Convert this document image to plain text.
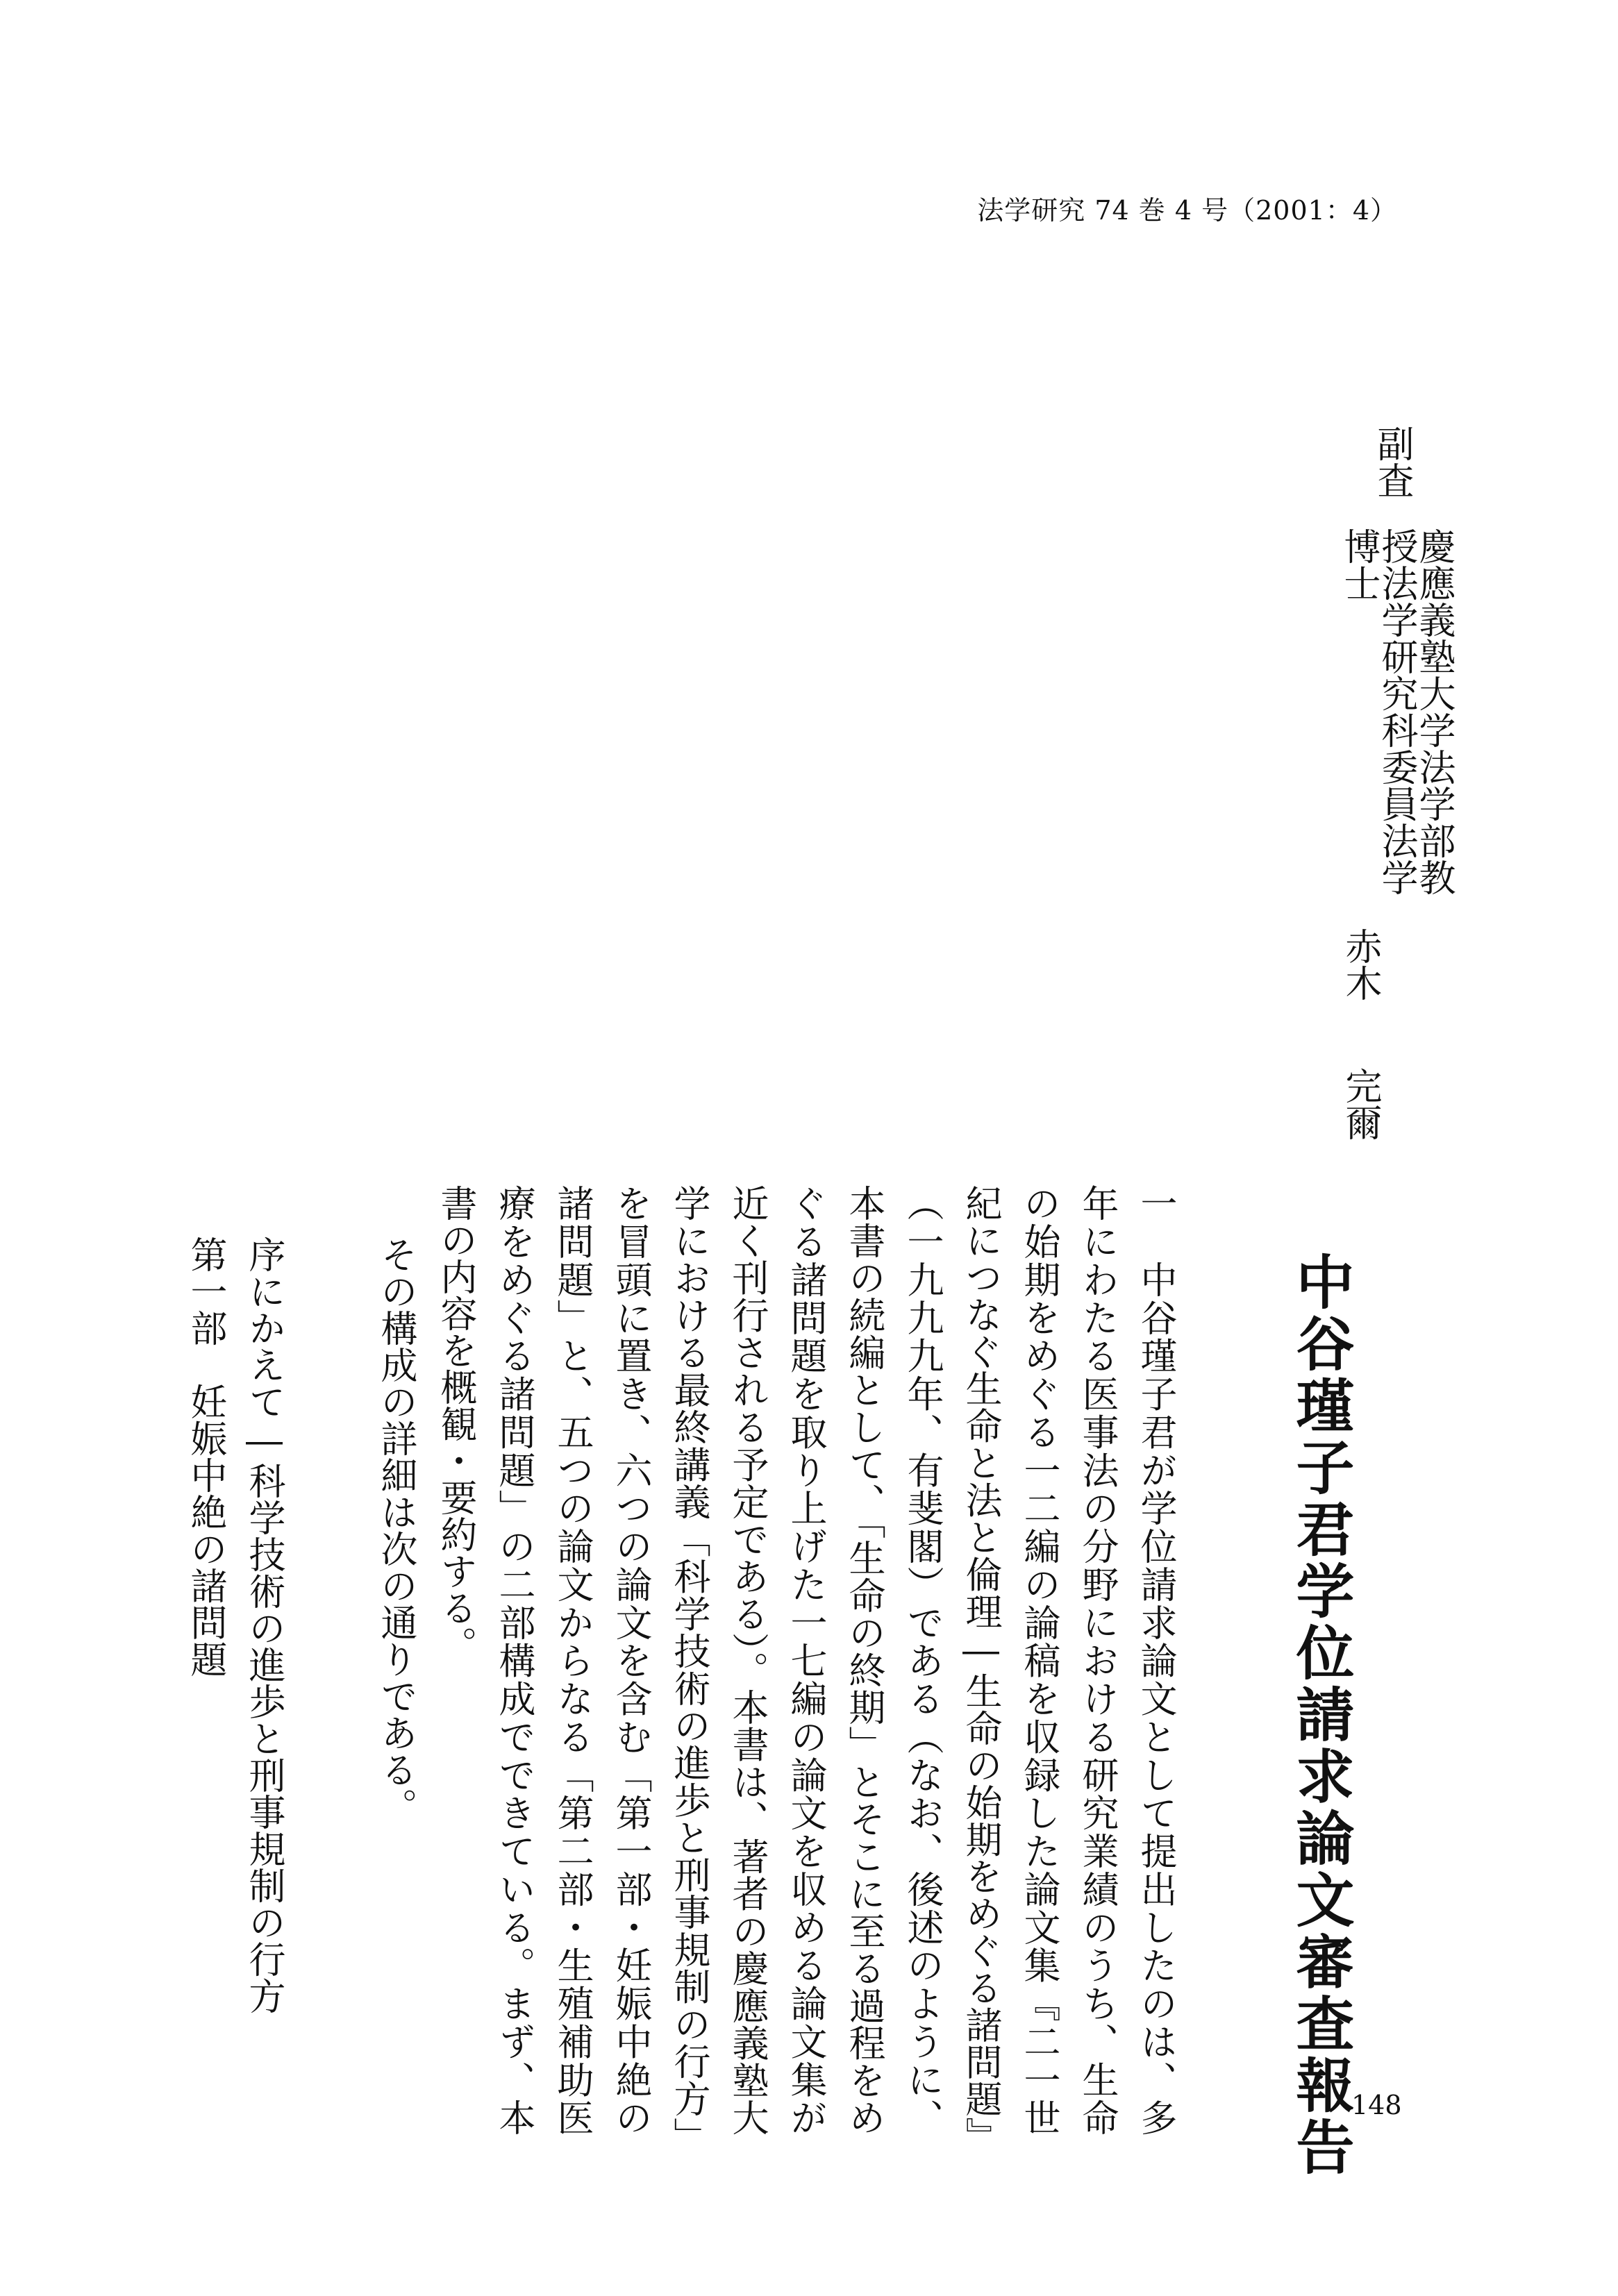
法学研究 74 巻 4 号（2001：4）
副査
慶應義塾大学法学部教授法学研究科委員法学博士
赤木完爾
中谷瑾子君学位請求論文審査報告

一　中谷瑾子君が学位請求論文として提出したのは、多年にわたる医事法の分野における研究業績のうち、生命の始期をめぐる一二編の論稿を収録した論文集『二一世紀につなぐ生命と法と倫理―生命の始期をめぐる諸問題』（一九九九年、有斐閣）である（なお、後述のように、本書の続編として、「生命の終期」とそこに至る過程をめぐる諸問題を取り上げた一七編の論文を収める論文集が近く刊行される予定である）。本書は、著者の慶應義塾大学における最終講義「科学技術の進歩と刑事規制の行方」を冒頭に置き、六つの論文を含む「第一部・妊娠中絶の諸問題」と、五つの論文からなる「第二部・生殖補助医療をめぐる諸問題」の二部構成でできている。まず、本書の内容を概観・要約する。

その構成の詳細は次の通りである。
序にかえて―科学技術の進歩と刑事規制の行方
第一部　妊娠中絶の諸問題
148
